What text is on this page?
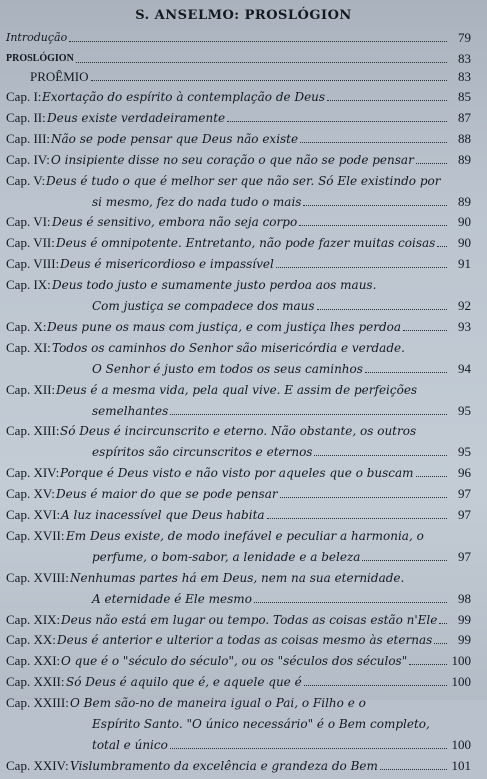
S. ANSELMO: PROSLÓGION
Introdução	79
PROSLÓGION	83
PROÊMIO	83
Cap. I: Exortação do espírito à contemplação de Deus	85
Cap. II: Deus existe verdadeiramente	87
Cap. III: Não se pode pensar que Deus não existe	88
Cap. IV: O insipiente disse no seu coração o que não se pode pensar	89
Cap. V: Deus é tudo o que é melhor ser que não ser. Só Ele existindo por
si mesmo, fez do nada tudo o mais	89
Cap. VI: Deus é sensitivo, embora não seja corpo	90
Cap. VII: Deus é omnipotente. Entretanto, não pode fazer muitas coisas 90
Cap. VIII: Deus é misericordioso e impassível	91
Cap. IX: Deus todo justo e sumamente justo perdoa aos maus.
Com justiça se compadece dos maus	92
Cap. X: Deus pune os maus com justiça, e com justiça lhes perdoa	93
Cap. XI: Todos os caminhos do Senhor são misericórdia e verdade.
O Senhor é justo em todos os seus caminhos	94
Cap. XII: Deus é a mesma vida, pela qual vive. E assim de perfeições
semelhantes	95
Cap. XIII: Só Deus é incircunscrito e eterno. Não obstante, os outros
espíritos são circunscritos e eternos	95
Cap. XIV: Porque é Deus visto e não visto por aqueles que o buscam	96
Cap. XV: Deus é maior do que se pode pensar	97
Cap. XVI: A luz inacessível que Deus habita	97
Cap. XVII: Em Deus existe, de modo inefável e peculiar a harmonia, o
perfume, o bom-sabor, a lenidade e a beleza	97
Cap. XVIII: Nenhumas partes há em Deus, nem na sua eternidade.
A eternidade é Ele mesmo	98
Cap. XIX: Deus não está em lugar ou tempo. Todas as coisas estão n'Ele 99
Cap. XX: Deus é anterior e ulterior a todas as coisas mesmo às eternas 99
Cap. XXI: O que é o "século do século", ou os "séculos dos séculos"	100
Cap. XXII: Só Deus é aquilo que é, e aquele que é	100
Cap. XXIII: O Bem são-no de maneira igual o Pai, o Filho e o
Espírito Santo. "O único necessário" é o Bem completo,
total e único	100
Cap. XXIV: Vislumbramento da excelência e grandeza do Bem	101
